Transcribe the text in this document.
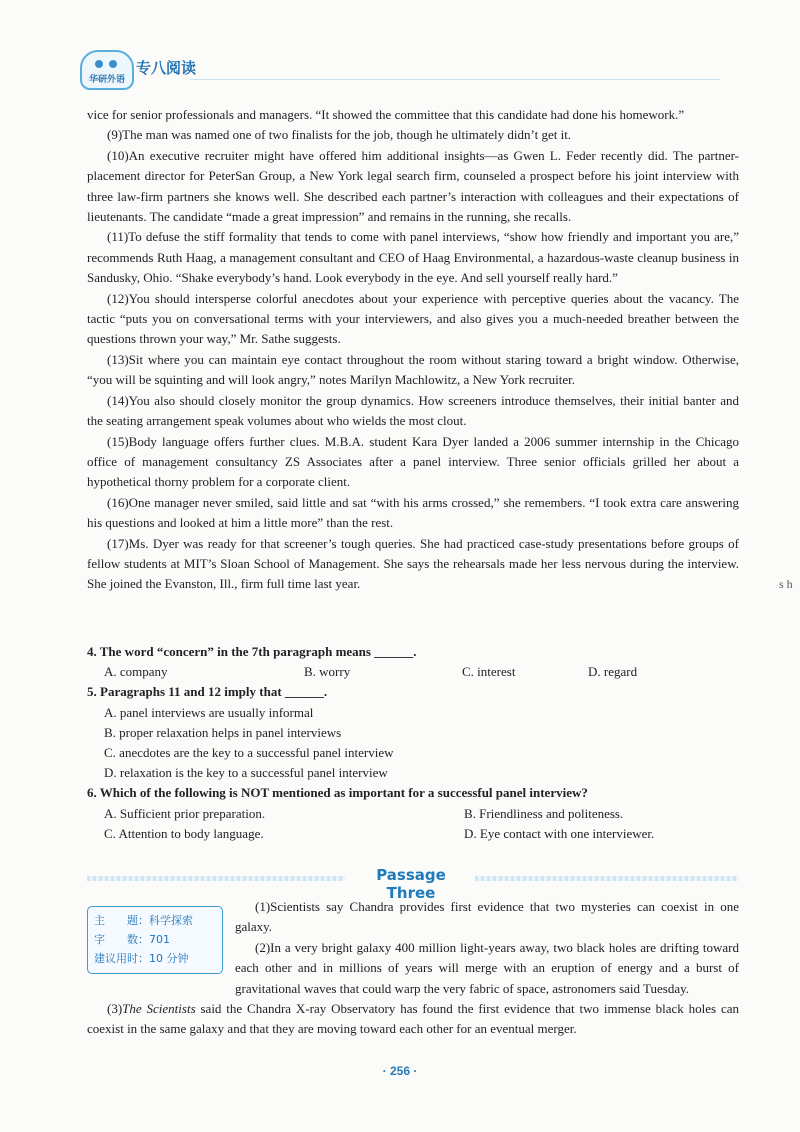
华研外语
专八阅读

vice for senior professionals and managers. “It showed the committee that this candidate had done his homework.”

(9)The man was named one of two finalists for the job, though he ultimately didn’t get it.

(10)An executive recruiter might have offered him additional insights—as Gwen L. Feder recently did. The partner-placement director for PeterSan Group, a New York legal search firm, counseled a prospect before his joint interview with three law-firm partners she knows well. She described each partner’s interaction with colleagues and their expectations of lieutenants. The candidate “made a great impression” and remains in the running, she recalls.

(11)To defuse the stiff formality that tends to come with panel interviews, “show how friendly and important you are,” recommends Ruth Haag, a management consultant and CEO of Haag Environmental, a hazardous-waste cleanup business in Sandusky, Ohio. “Shake everybody’s hand. Look everybody in the eye. And sell yourself really hard.”

(12)You should intersperse colorful anecdotes about your experience with perceptive queries about the vacancy. The tactic “puts you on conversational terms with your interviewers, and also gives you a much-needed breather between the questions thrown your way,” Mr. Sathe suggests.

(13)Sit where you can maintain eye contact throughout the room without staring toward a bright window. Otherwise, “you will be squinting and will look angry,” notes Marilyn Machlowitz, a New York recruiter.

(14)You also should closely monitor the group dynamics. How screeners introduce themselves, their initial banter and the seating arrangement speak volumes about who wields the most clout.

(15)Body language offers further clues. M.B.A. student Kara Dyer landed a 2006 summer internship in the Chicago office of management consultancy ZS Associates after a panel interview. Three senior officials grilled her about a hypothetical thorny problem for a corporate client.

(16)One manager never smiled, said little and sat “with his arms crossed,” she remembers. “I took extra care answering his questions and looked at him a little more” than the rest.

(17)Ms. Dyer was ready for that screener’s tough queries. She had practiced case-study presentations before groups of fellow students at MIT’s Sloan School of Management. She says the rehearsals made her less nervous during the interview. She joined the Evanston, Ill., firm full time last year.	s h

4. The word “concern” in the 7th paragraph means ______.

A. company	B. worry	C. interest	D. regard

5. Paragraphs 11 and 12 imply that ______.

A. panel interviews are usually informal

B. proper relaxation helps in panel interviews

C. anecdotes are the key to a successful panel interview

D. relaxation is the key to a successful panel interview

6. Which of the following is NOT mentioned as important for a successful panel interview?

A. Sufficient prior preparation.	B. Friendliness and politeness.
C. Attention to body language.	D. Eye contact with one interviewer.
Passage Three
主　　题：科学探索
字　　数：701
建议用时：10 分钟

(1)Scientists say Chandra provides first evidence that two mysteries can coexist in one galaxy.

(2)In a very bright galaxy 400 million light-years away, two black holes are drifting toward each other and in millions of years will merge with an eruption of energy and a burst of gravitational waves that could warp the very fabric of space, astronomers said Tuesday.

(3)The Scientists said the Chandra X-ray Observatory has found the first evidence that two immense black holes can coexist in the same galaxy and that they are moving toward each other for an eventual merger.

· 256 ·
